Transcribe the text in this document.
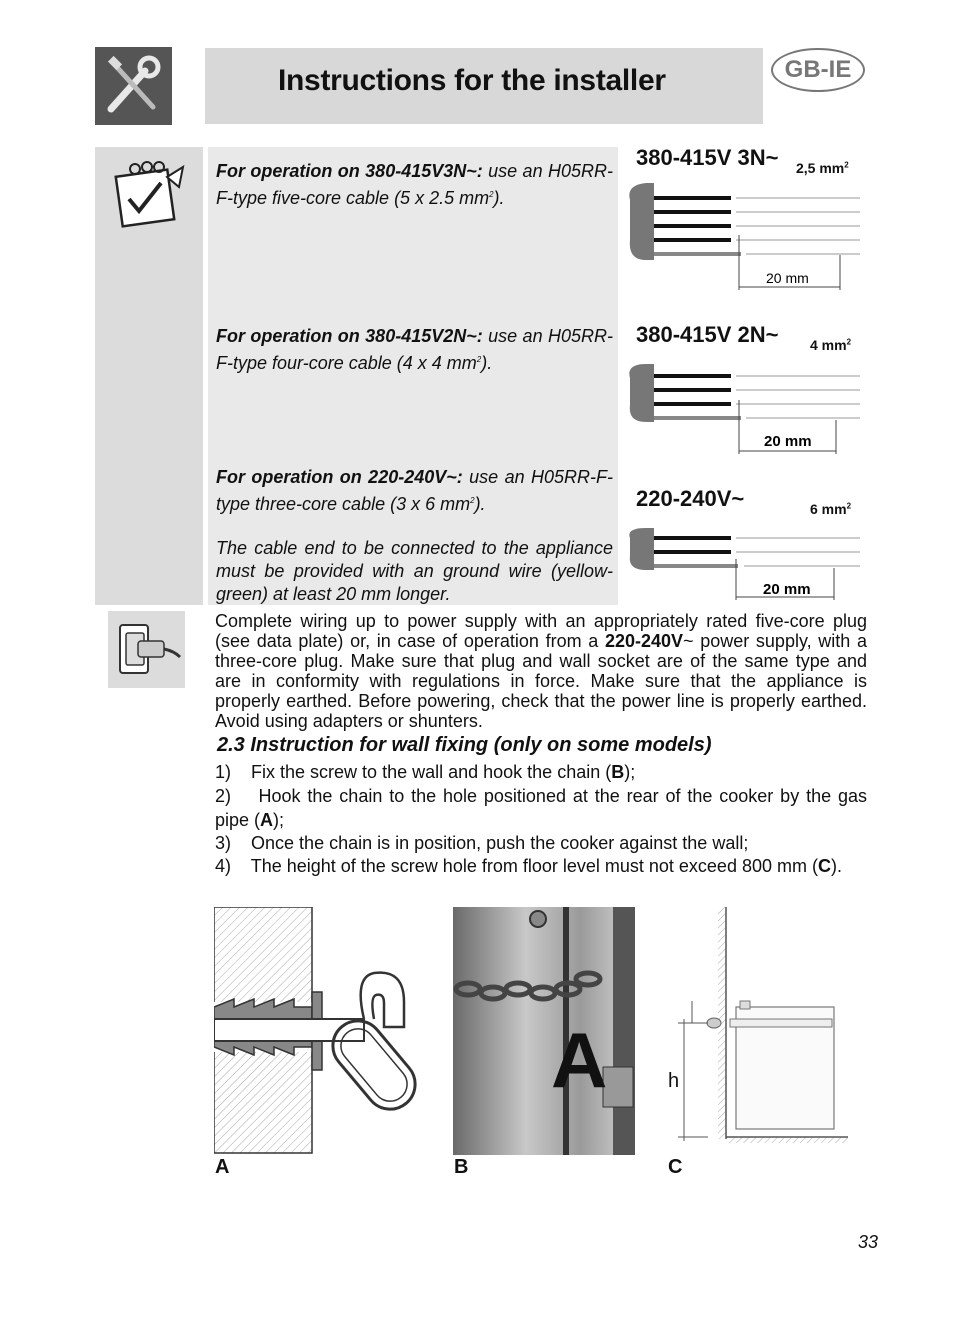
Instructions for the installer	GB-IE
For operation on 380-415V3N~: use an H05RR-F-type five-core cable (5 x 2.5 $mm^2$).
For operation on 380-415V2N~: use an H05RR-F-type four-core cable (4 x 4 $mm^2$).
For operation on 220-240V~: use an H05RR-F-type three-core cable (3 x 6 $mm^2$).
The cable end to be connected to the appliance must be provided with an ground wire (yellow-green) at least 20 mm longer.
380-415V 3N~ 2,5 $mm^2$
380-415V 2N~ 4 $mm^2$
220-240V~	6 $mm^2$
20 mm
20 mm
20 mm
Complete wiring up to power supply with an appropriately rated five-core plug (see data plate) or, in case of operation from a 220-240V~ power supply, with a three-core plug. Make sure that plug and wall socket are of the same type and are in conformity with regulations in force. Make sure that the appliance is properly earthed. Before powering, check that the power line is properly earthed. Avoid using adapters or shunters.
2.3 Instruction for wall fixing (only on some models)
1) Fix the screw to the wall and hook the chain (B);
2) Hook the chain to the hole positioned at the rear of the cooker by the gas pipe (A);
3) Once the chain is in position, push the cooker against the wall;
4) The height of the screw hole from floor level must not exceed 800 mm (C).
A	h
A	B	C
33
